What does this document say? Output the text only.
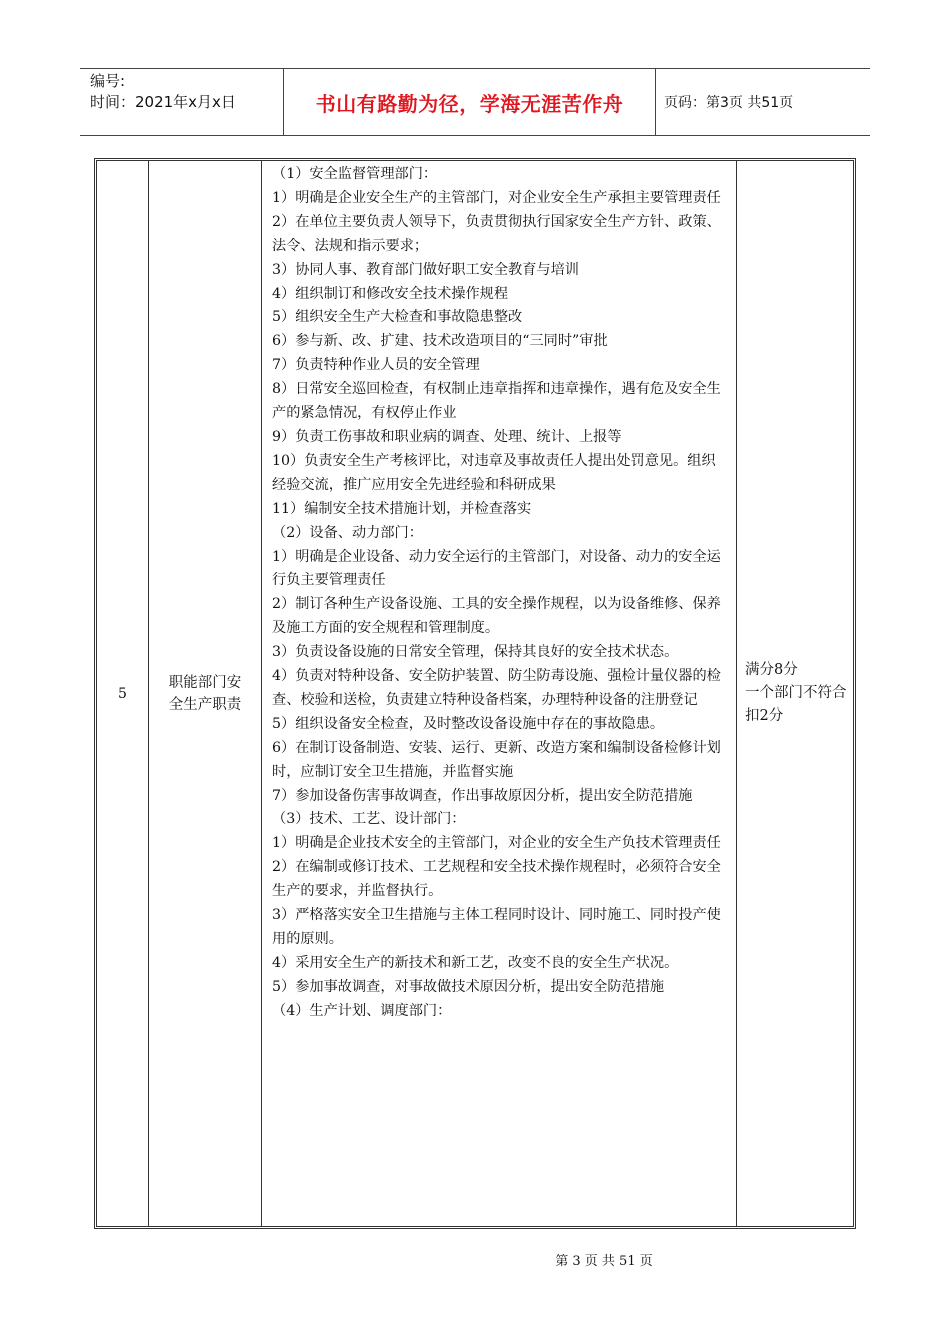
编号:
时间：2021年x月x日	书山有路勤为径，学海无涯苦作舟	页码：第3页 共51页
5
职能部门安全生产职责
（1）安全监督管理部门：
1）明确是企业安全生产的主管部门，对企业安全生产承担主要管理责任
2）在单位主要负责人领导下，负责贯彻执行国家安全生产方针、政策、法令、法规和指示要求；
3）协同人事、教育部门做好职工安全教育与培训
4）组织制订和修改安全技术操作规程
5）组织安全生产大检查和事故隐患整改
6）参与新、改、扩建、技术改造项目的“三同时”审批
7）负责特种作业人员的安全管理
8）日常安全巡回检查，有权制止违章指挥和违章操作，遇有危及安全生产的紧急情况，有权停止作业
9）负责工伤事故和职业病的调查、处理、统计、上报等
10）负责安全生产考核评比，对违章及事故责任人提出处罚意见。组织经验交流，推广应用安全先进经验和科研成果
11）编制安全技术措施计划，并检查落实
（2）设备、动力部门：
1）明确是企业设备、动力安全运行的主管部门，对设备、动力的安全运行负主要管理责任
2）制订各种生产设备设施、工具的安全操作规程，以为设备维修、保养及施工方面的安全规程和管理制度。
3）负责设备设施的日常安全管理，保持其良好的安全技术状态。
4）负责对特种设备、安全防护装置、防尘防毒设施、强检计量仪器的检查、校验和送检，负责建立特种设备档案，办理特种设备的注册登记
5）组织设备安全检查，及时整改设备设施中存在的事故隐患。
6）在制订设备制造、安装、运行、更新、改造方案和编制设备检修计划时，应制订安全卫生措施，并监督实施
7）参加设备伤害事故调查，作出事故原因分析，提出安全防范措施
（3）技术、工艺、设计部门：
1）明确是企业技术安全的主管部门，对企业的安全生产负技术管理责任
2）在编制或修订技术、工艺规程和安全技术操作规程时，必须符合安全生产的要求，并监督执行。
3）严格落实安全卫生措施与主体工程同时设计、同时施工、同时投产使用的原则。
4）采用安全生产的新技术和新工艺，改变不良的安全生产状况。
5）参加事故调查，对事故做技术原因分析，提出安全防范措施
（4）生产计划、调度部门：
满分8分
一个部门不符合扣2分
第 3 页 共 51 页
